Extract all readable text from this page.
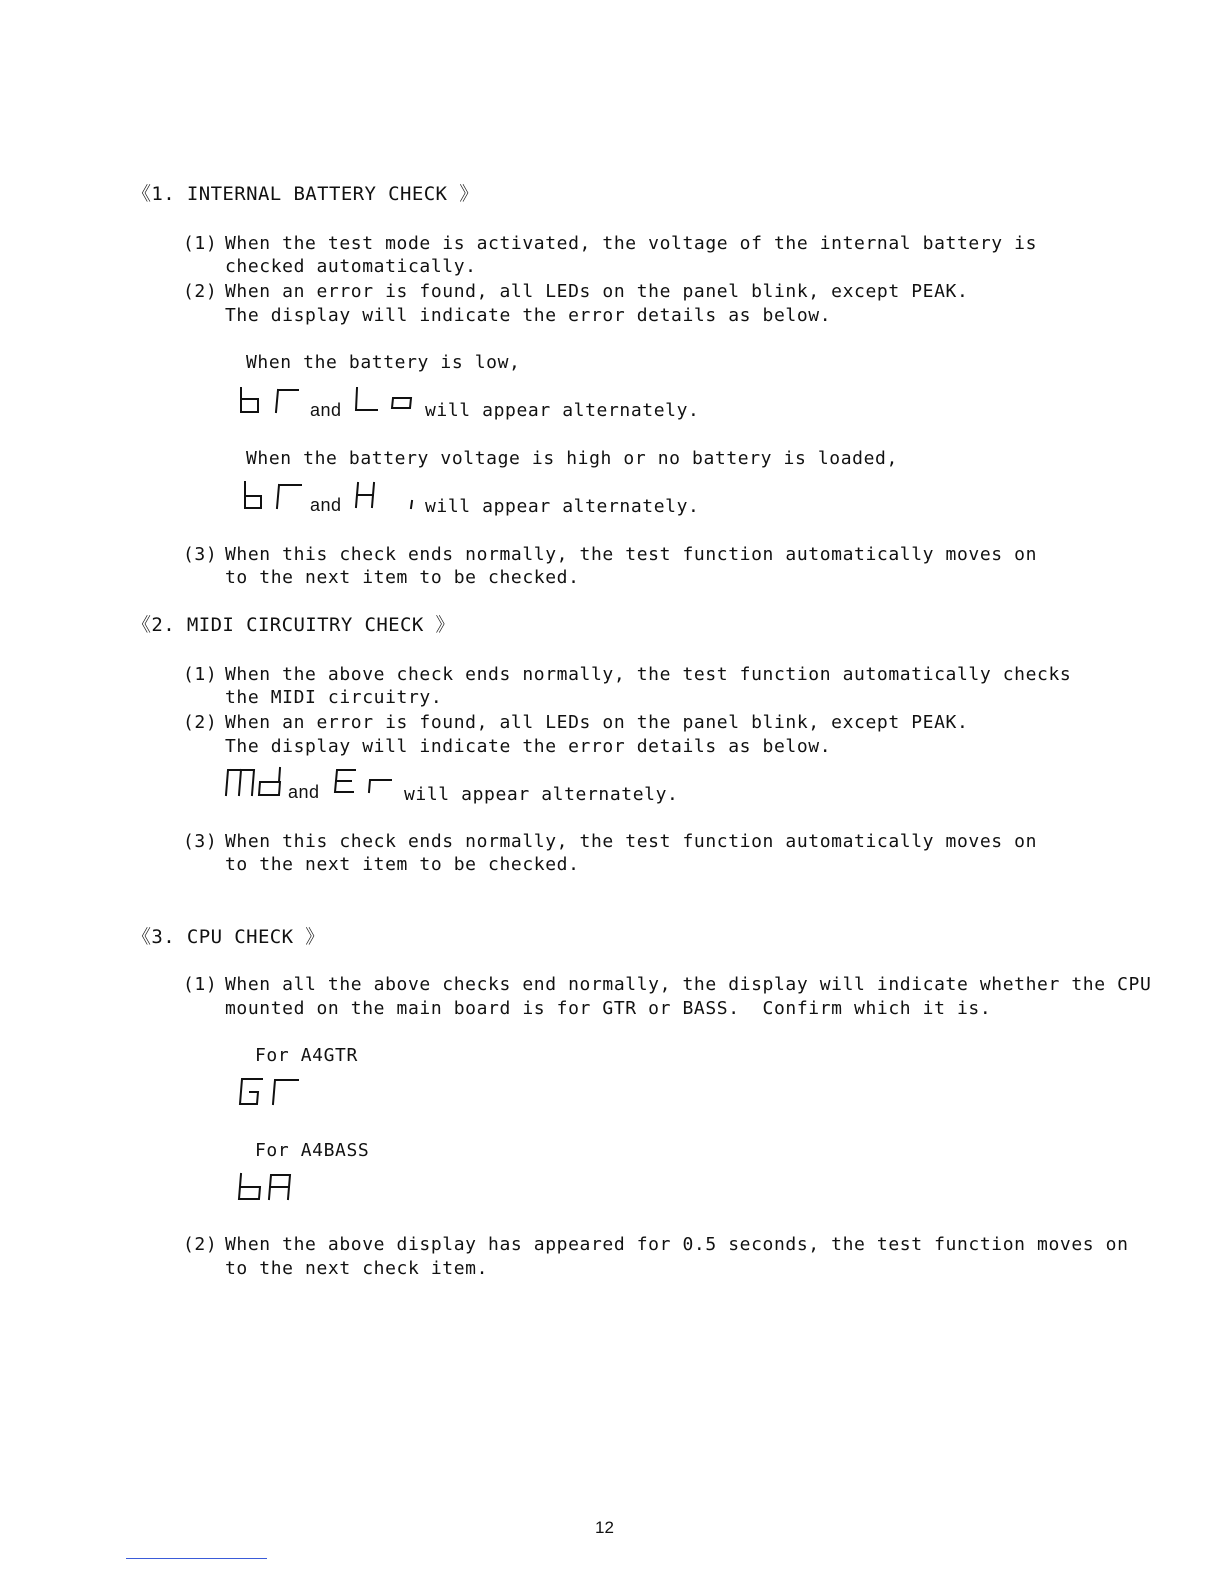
《1. INTERNAL BATTERY CHECK 》
(1) When the test mode is activated, the voltage of the internal battery is
checked automatically.
(2) When an error is found, all LEDs on the panel blink, except PEAK.
The display will indicate the error details as below.
When the battery is low,
and	will appear alternately.
When the battery voltage is high or no battery is loaded,
and	will appear alternately.
(3) When this check ends normally, the test function automatically moves on
to the next item to be checked.
《2. MIDI CIRCUITRY CHECK 》
(1) When the above check ends normally, the test function automatically checks
the MIDI circuitry.
(2) When an error is found, all LEDs on the panel blink, except PEAK.
The display will indicate the error details as below.
and	will appear alternately.
(3) When this check ends normally, the test function automatically moves on
to the next item to be checked.
《3. CPU CHECK 》
(1) When all the above checks end normally, the display will indicate whether the CPU
mounted on the main board is for GTR or BASS.  Confirm which it is.
For A4GTR
For A4BASS
(2) When the above display has appeared for 0.5 seconds, the test function moves on
to the next check item.
12
